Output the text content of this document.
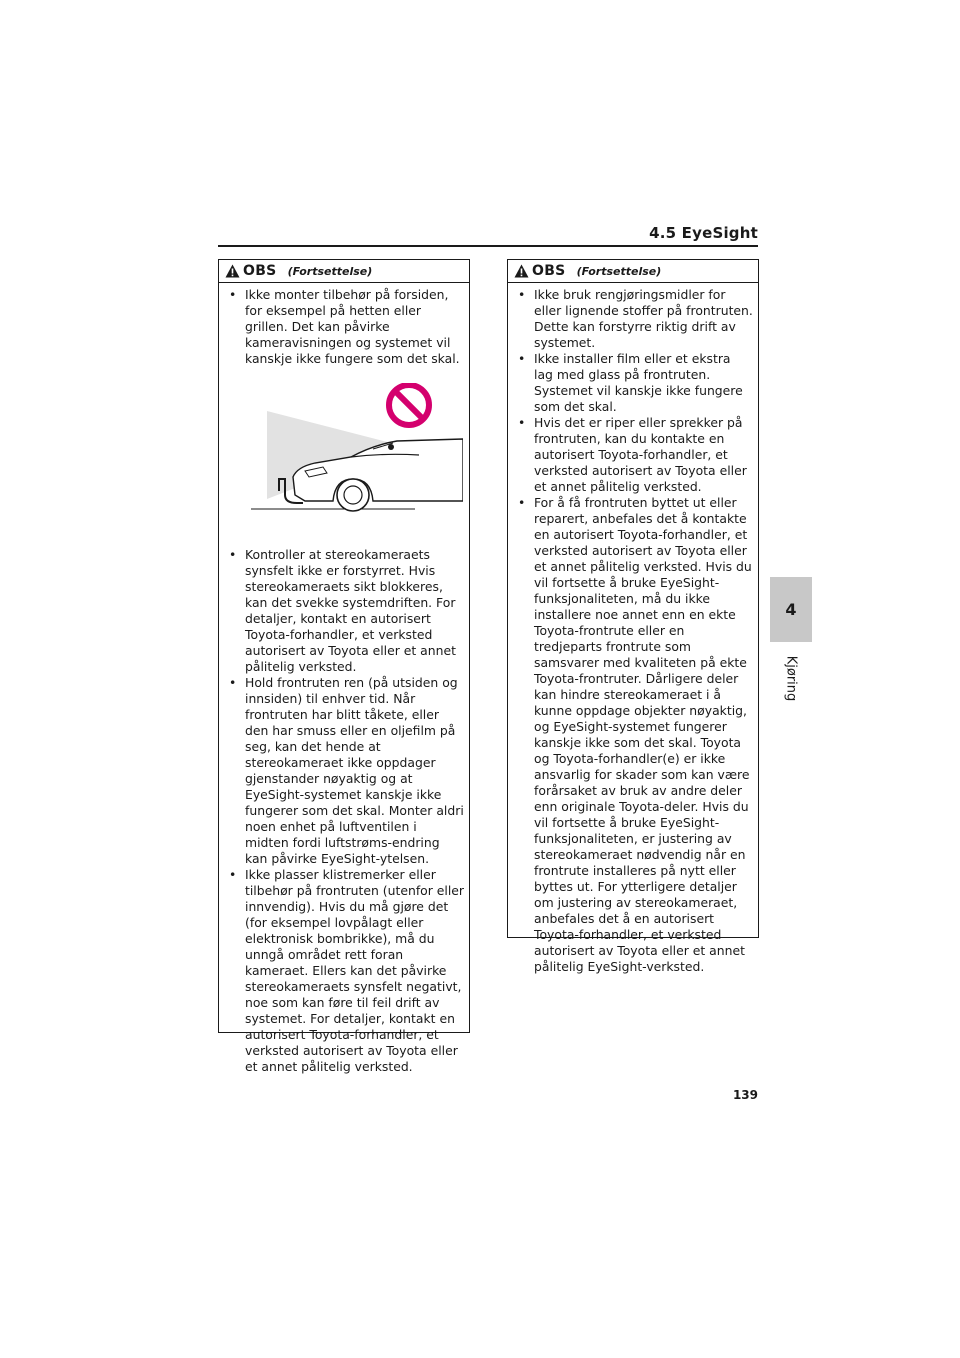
4.5 EyeSight
OBS (Fortsettelse)
• Ikke monter tilbehør på forsiden, for eksempel på hetten eller grillen. Det kan påvirke kameravisningen og systemet vil kanskje ikke fungere som det skal.
• Kontroller at stereokameraets synsfelt ikke er forstyrret. Hvis stereokameraets sikt blokkeres, kan det svekke systemdriften. For detaljer, kontakt en autorisert Toyota-forhandler, et verksted autorisert av Toyota eller et annet pålitelig verksted.
• Hold frontruten ren (på utsiden og innsiden) til enhver tid. Når frontruten har blitt tåkete, eller den har smuss eller en oljefilm på seg, kan det hende at stereokameraet ikke oppdager gjenstander nøyaktig og at EyeSight-systemet kanskje ikke fungerer som det skal. Monter aldri noen enhet på luftventilen i midten fordi luftstrøms-endring kan påvirke EyeSight-ytelsen.
• Ikke plasser klistremerker eller tilbehør på frontruten (utenfor eller innvendig). Hvis du må gjøre det (for eksempel lovpålagt eller elektronisk bombrikke), må du unngå området rett foran kameraet. Ellers kan det påvirke stereokameraets synsfelt negativt, noe som kan føre til feil drift av systemet. For detaljer, kontakt en autorisert Toyota-forhandler, et verksted autorisert av Toyota eller et annet pålitelig verksted.
OBS (Fortsettelse)
• Ikke bruk rengjøringsmidler for eller lignende stoffer på frontruten. Dette kan forstyrre riktig drift av systemet.
• Ikke installer film eller et ekstra lag med glass på frontruten. Systemet vil kanskje ikke fungere som det skal.
• Hvis det er riper eller sprekker på frontruten, kan du kontakte en autorisert Toyota-forhandler, et verksted autorisert av Toyota eller et annet pålitelig verksted.
• For å få frontruten byttet ut eller reparert, anbefales det å kontakte en autorisert Toyota-forhandler, et verksted autorisert av Toyota eller et annet pålitelig verksted. Hvis du vil fortsette å bruke EyeSight-funksjonaliteten, må du ikke installere noe annet enn en ekte Toyota-frontrute eller en tredjeparts frontrute som samsvarer med kvaliteten på ekte Toyota-frontruter. Dårligere deler kan hindre stereokameraet i å kunne oppdage objekter nøyaktig, og EyeSight-systemet fungerer kanskje ikke som det skal. Toyota og Toyota-forhandler(e) er ikke ansvarlig for skader som kan være forårsaket av bruk av andre deler enn originale Toyota-deler. Hvis du vil fortsette å bruke EyeSight-funksjonaliteten, er justering av stereokameraet nødvendig når en frontrute installeres på nytt eller byttes ut. For ytterligere detaljer om justering av stereokameraet, anbefales det å en autorisert Toyota-forhandler, et verksted autorisert av Toyota eller et annet pålitelig EyeSight-verksted.
4
Kjøring
139
